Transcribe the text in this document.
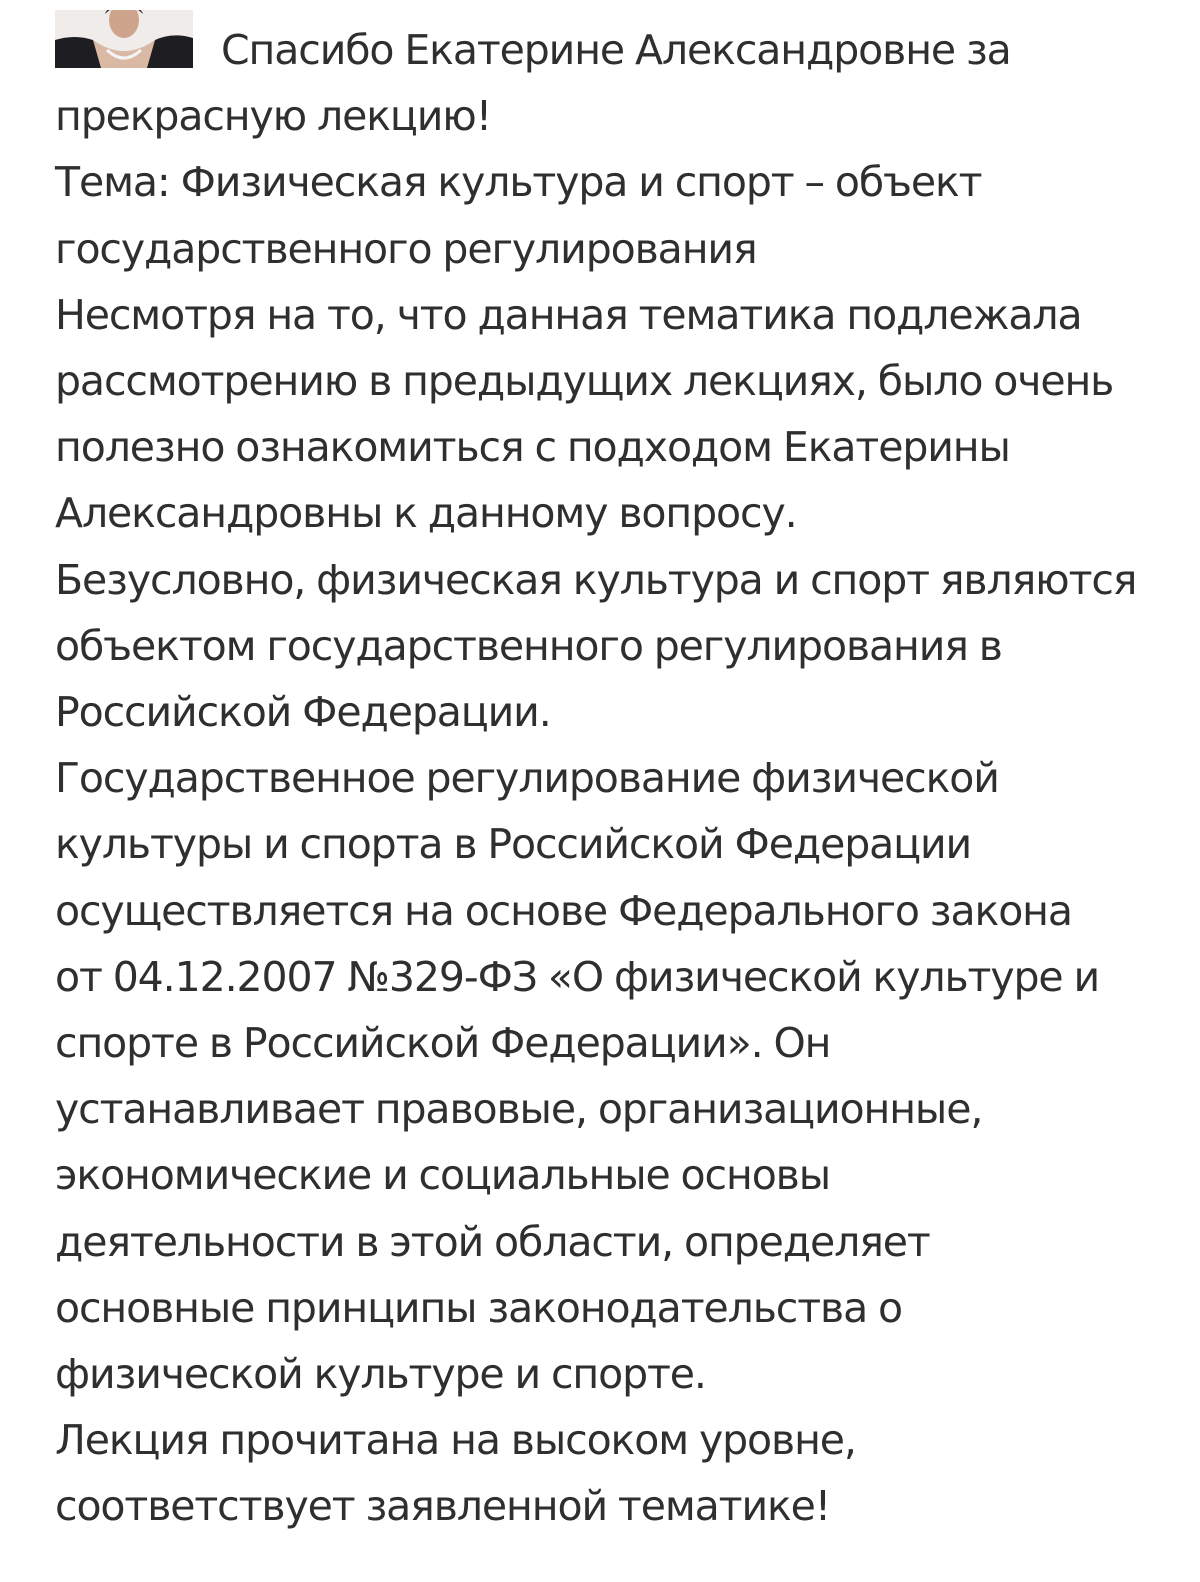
Спасибо Екатерине Александровне за
прекрасную лекцию!
Тема: Физическая культура и спорт – объект
государственного регулирования
Несмотря на то, что данная тематика подлежала
рассмотрению в предыдущих лекциях, было очень
полезно ознакомиться с подходом Екатерины
Александровны к данному вопросу.
Безусловно, физическая культура и спорт являются
объектом государственного регулирования в
Российской Федерации.
Государственное регулирование физической
культуры и спорта в Российской Федерации
осуществляется на основе Федерального закона
от 04.12.2007 №329-ФЗ «О физической культуре и
спорте в Российской Федерации». Он
устанавливает правовые, организационные,
экономические и социальные основы
деятельности в этой области, определяет
основные принципы законодательства о
физической культуре и спорте.
Лекция прочитана на высоком уровне,
соответствует заявленной тематике!
